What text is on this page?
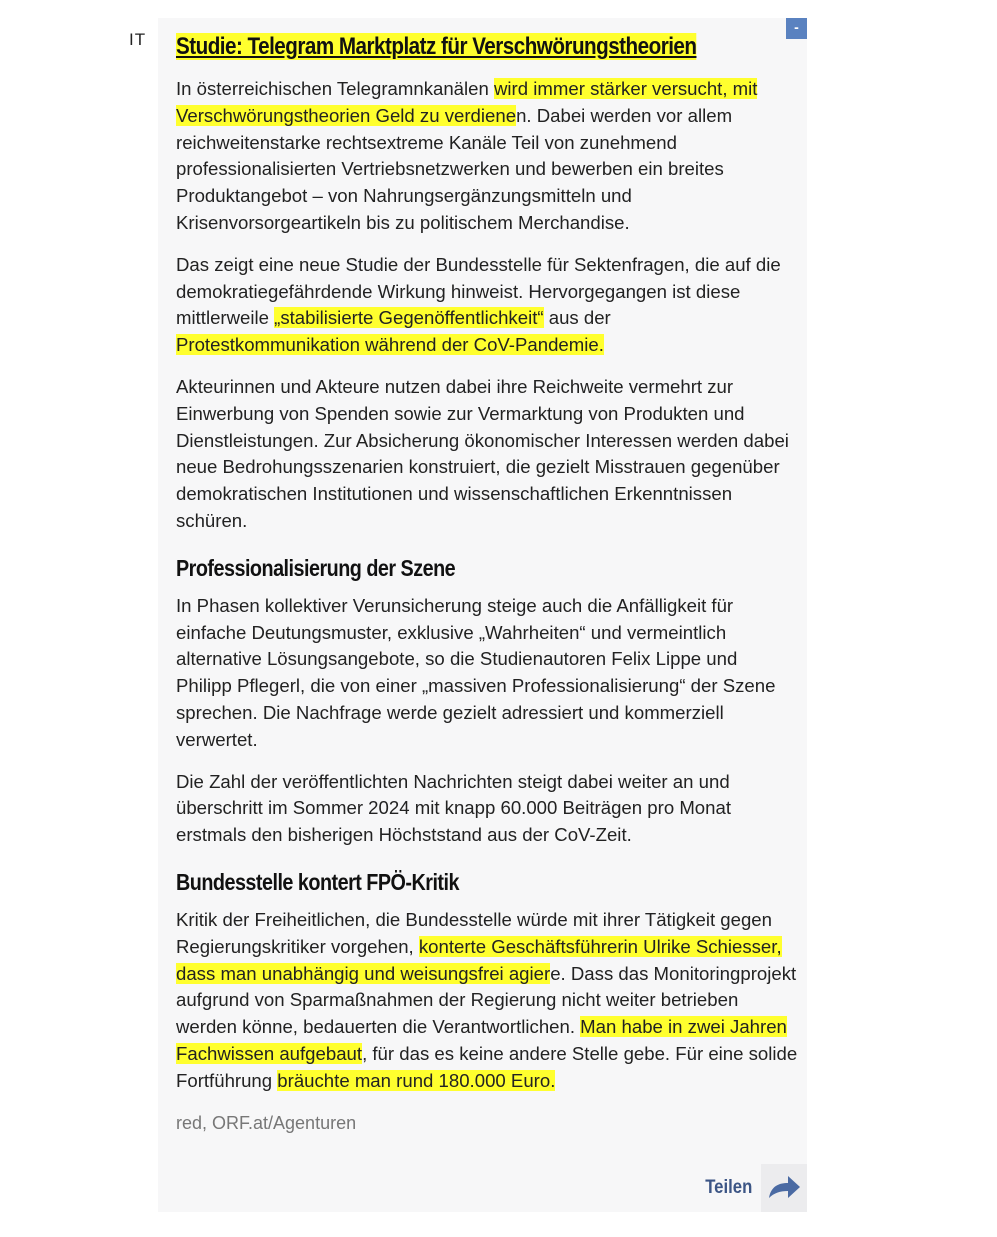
IT
-
Studie: Telegram Marktplatz für Verschwörungstheorien

In österreichischen Telegramnkanälen wird immer stärker versucht, mit Verschwörungstheorien Geld zu verdienen. Dabei werden vor allem reichweitenstarke rechtsextreme Kanäle Teil von zunehmend professionalisierten Vertriebsnetzwerken und bewerben ein breites Produktangebot – von Nahrungsergänzungsmitteln und Krisenvorsorgeartikeln bis zu politischem Merchandise.

Das zeigt eine neue Studie der Bundesstelle für Sektenfragen, die auf die demokratiegefährdende Wirkung hinweist. Hervorgegangen ist diese mittlerweile „stabilisierte Gegenöffentlichkeit“ aus der Protestkommunikation während der CoV-Pandemie.

Akteurinnen und Akteure nutzen dabei ihre Reichweite vermehrt zur Einwerbung von Spenden sowie zur Vermarktung von Produkten und Dienstleistungen. Zur Absicherung ökonomischer Interessen werden dabei neue Bedrohungsszenarien konstruiert, die gezielt Misstrauen gegenüber demokratischen Institutionen und wissenschaftlichen Erkenntnissen schüren.

Professionalisierung der Szene

In Phasen kollektiver Verunsicherung steige auch die Anfälligkeit für einfache Deutungsmuster, exklusive „Wahrheiten“ und vermeintlich alternative Lösungsangebote, so die Studienautoren Felix Lippe und Philipp Pflegerl, die von einer „massiven Professionalisierung“ der Szene sprechen. Die Nachfrage werde gezielt adressiert und kommerziell verwertet.

Die Zahl der veröffentlichten Nachrichten steigt dabei weiter an und überschritt im Sommer 2024 mit knapp 60.000 Beiträgen pro Monat erstmals den bisherigen Höchststand aus der CoV-Zeit.

Bundesstelle kontert FPÖ-Kritik

Kritik der Freiheitlichen, die Bundesstelle würde mit ihrer Tätigkeit gegen Regierungskritiker vorgehen, konterte Geschäftsführerin Ulrike Schiesser, dass man unabhängig und weisungsfrei agiere. Dass das Monitoringprojekt aufgrund von Sparmaßnahmen der Regierung nicht weiter betrieben werden könne, bedauerten die Verantwortlichen. Man habe in zwei Jahren Fachwissen aufgebaut, für das es keine andere Stelle gebe. Für eine solide Fortführung bräuchte man rund 180.000 Euro.

red, ORF.at/Agenturen
Teilen
